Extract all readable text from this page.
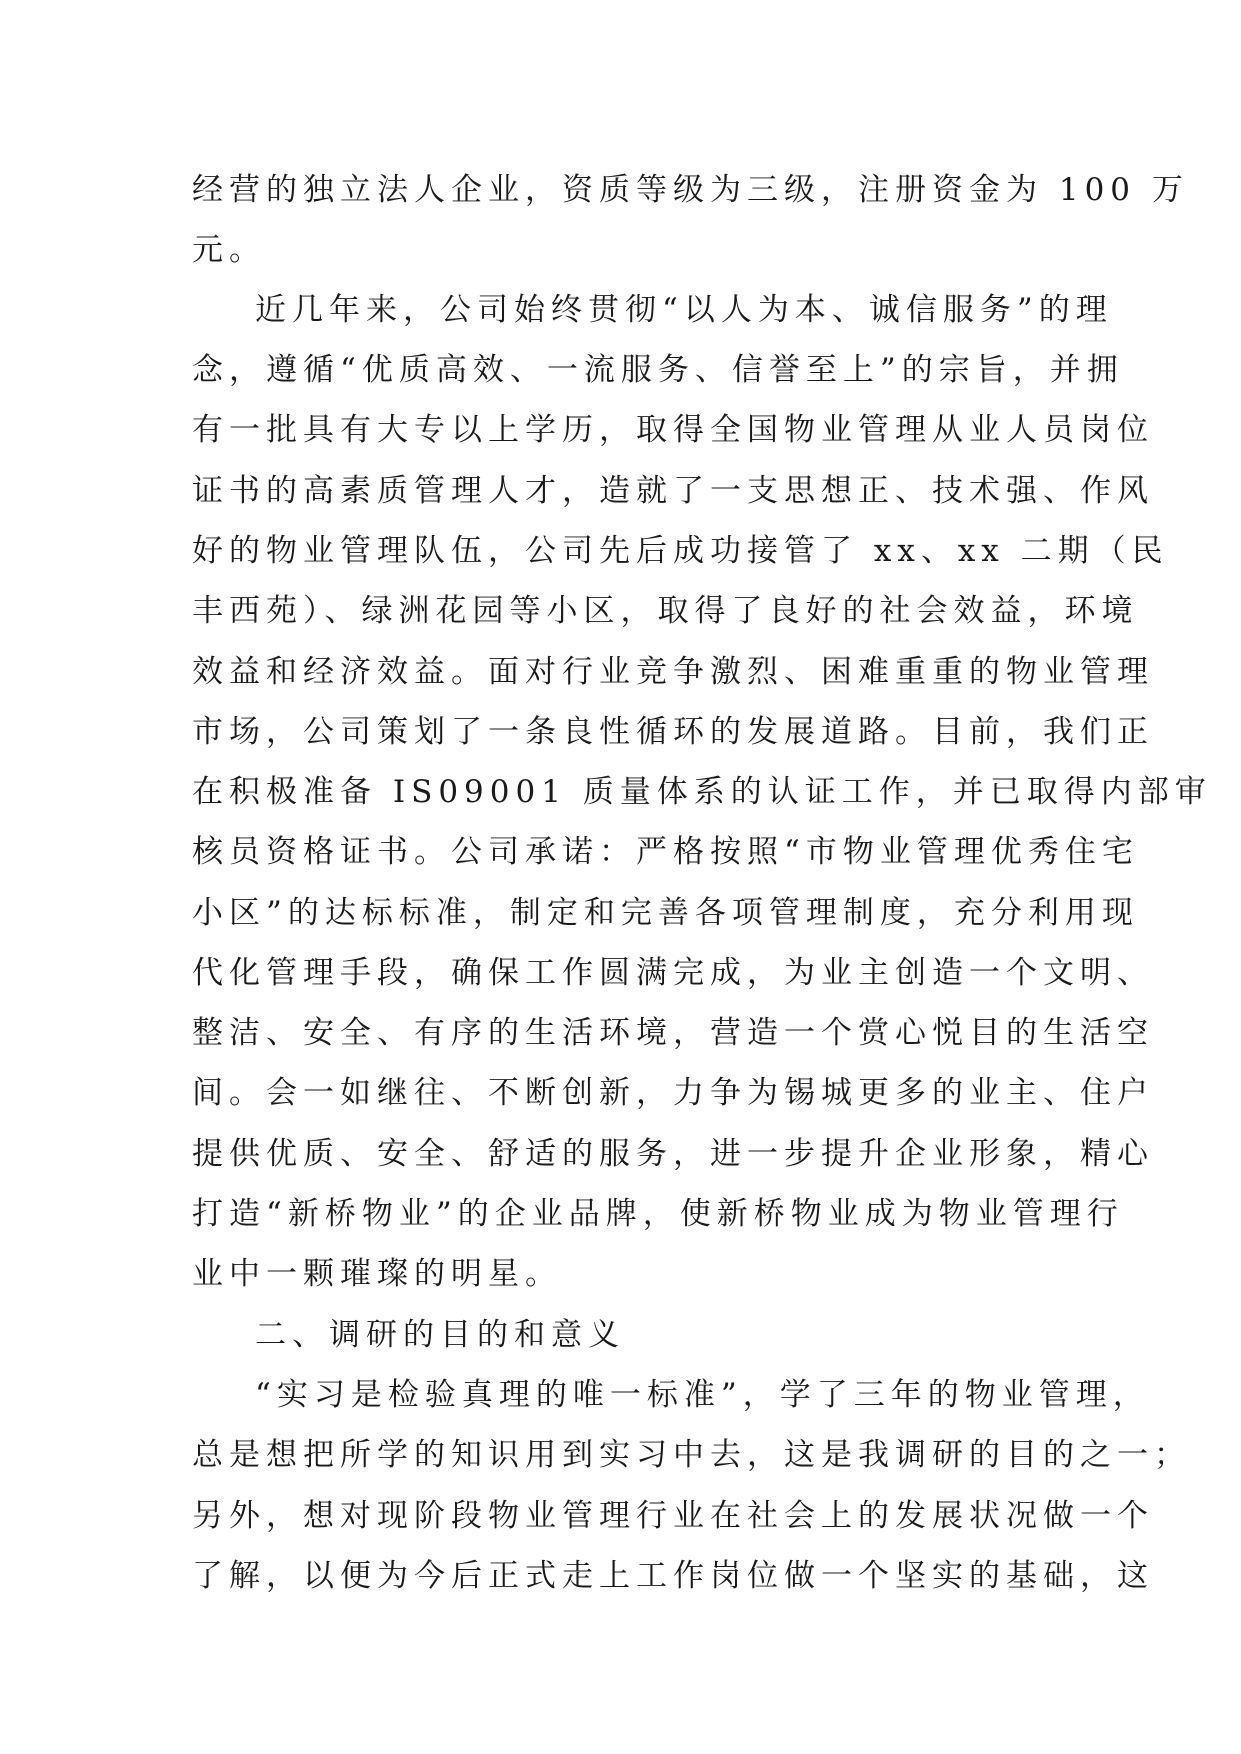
经营的独立法人企业，资质等级为三级，注册资金为 100 万
元。
近几年来，公司始终贯彻“以人为本、诚信服务”的理
念，遵循“优质高效、一流服务、信誉至上”的宗旨，并拥
有一批具有大专以上学历，取得全国物业管理从业人员岗位
证书的高素质管理人才，造就了一支思想正、技术强、作风
好的物业管理队伍，公司先后成功接管了 xx、xx 二期（民
丰西苑）、绿洲花园等小区，取得了良好的社会效益，环境
效益和经济效益。面对行业竞争激烈、困难重重的物业管理
市场，公司策划了一条良性循环的发展道路。目前，我们正
在积极准备 IS09001 质量体系的认证工作，并已取得内部审
核员资格证书。公司承诺：严格按照“市物业管理优秀住宅
小区”的达标标准，制定和完善各项管理制度，充分利用现
代化管理手段，确保工作圆满完成，为业主创造一个文明、
整洁、安全、有序的生活环境，营造一个赏心悦目的生活空
间。会一如继往、不断创新，力争为锡城更多的业主、住户
提供优质、安全、舒适的服务，进一步提升企业形象，精心
打造“新桥物业”的企业品牌，使新桥物业成为物业管理行
业中一颗璀璨的明星。
二、调研的目的和意义
“实习是检验真理的唯一标准”，学了三年的物业管理，
总是想把所学的知识用到实习中去，这是我调研的目的之一；
另外，想对现阶段物业管理行业在社会上的发展状况做一个
了解，以便为今后正式走上工作岗位做一个坚实的基础，这
